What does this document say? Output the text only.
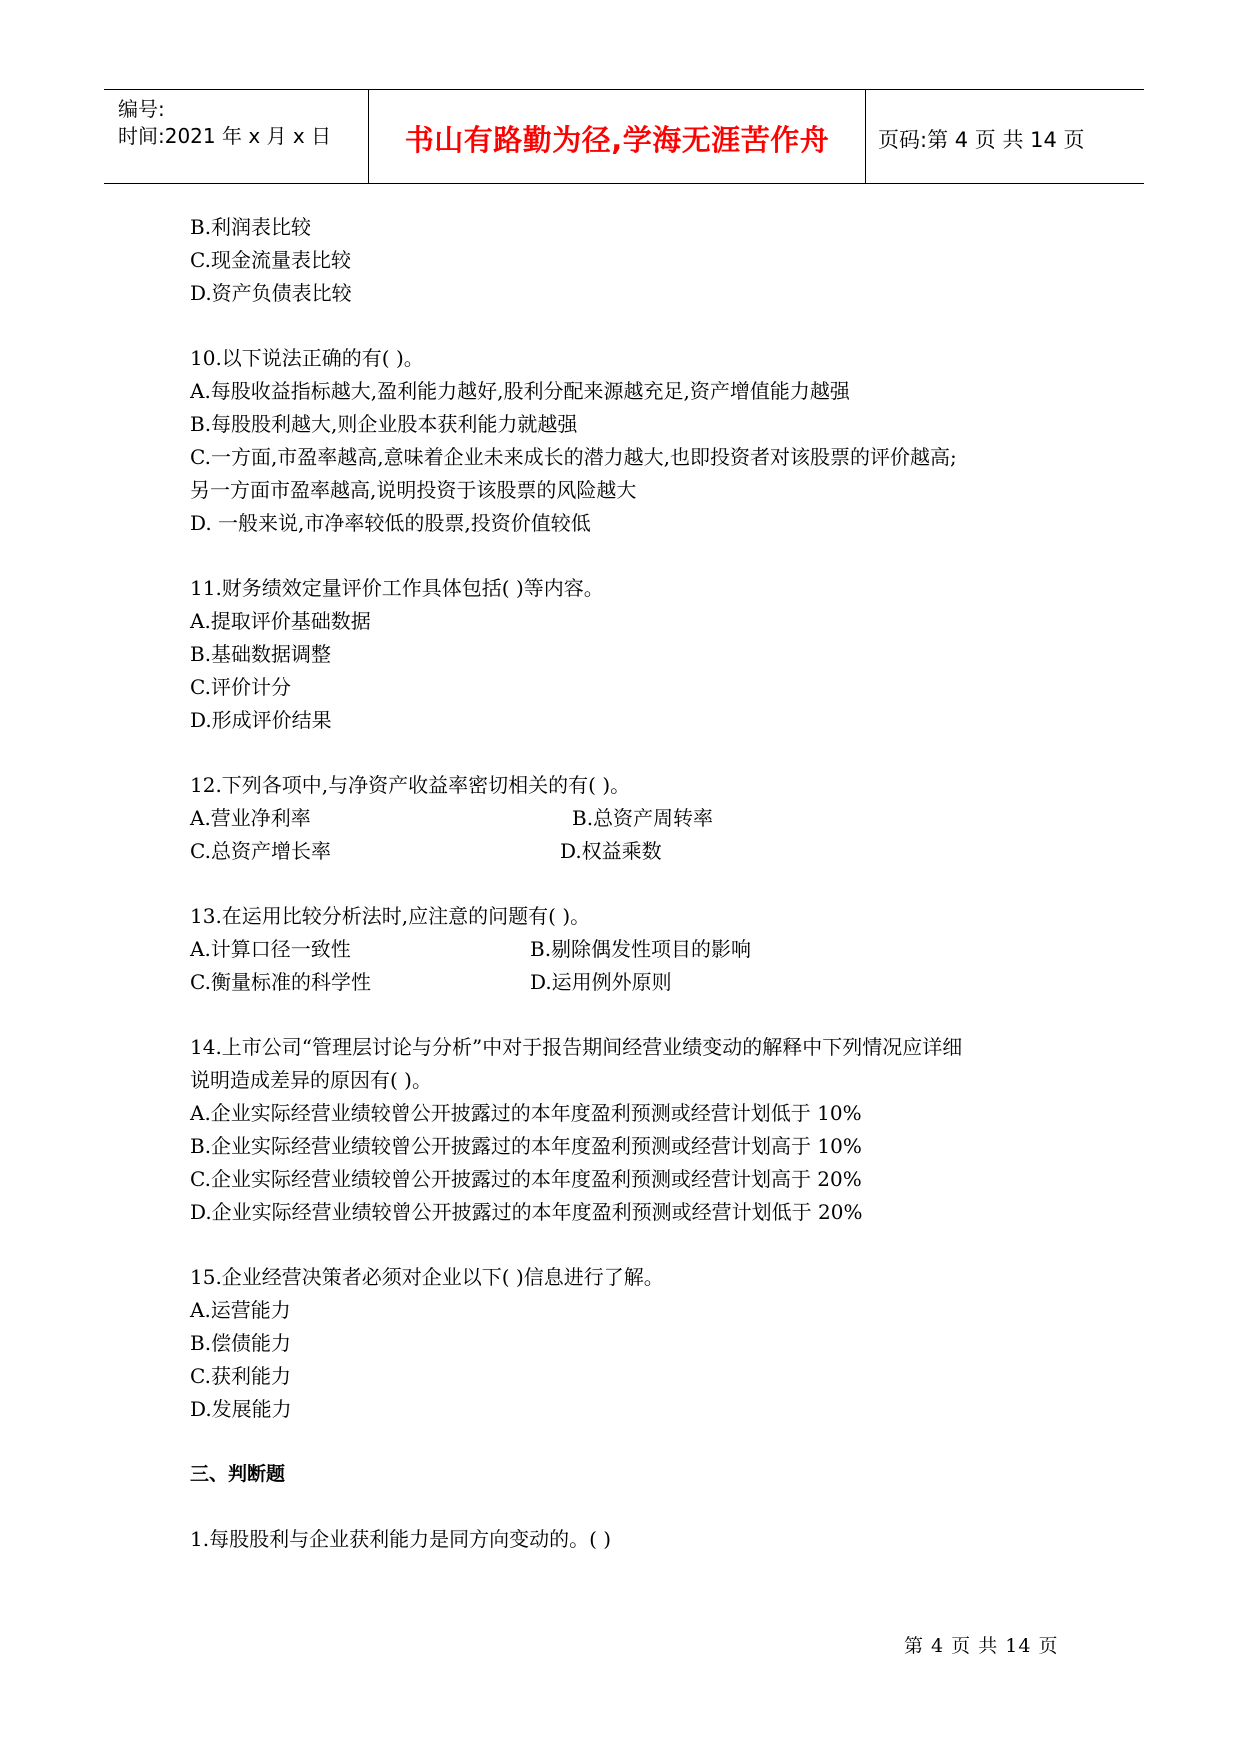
编号:
时间:2021 年 x 月 x 日	书山有路勤为径,学海无涯苦作舟	页码:第 4 页 共 14 页
B.利润表比较
C.现金流量表比较
D.资产负债表比较
10.以下说法正确的有( )。
A.每股收益指标越大,盈利能力越好,股利分配来源越充足,资产增值能力越强
B.每股股利越大,则企业股本获利能力就越强
C.一方面,市盈率越高,意味着企业未来成长的潜力越大,也即投资者对该股票的评价越高;
另一方面市盈率越高,说明投资于该股票的风险越大
D. 一般来说,市净率较低的股票,投资价值较低
11.财务绩效定量评价工作具体包括( )等内容。
A.提取评价基础数据
B.基础数据调整
C.评价计分
D.形成评价结果
12.下列各项中,与净资产收益率密切相关的有( )。
A.营业净利率	B.总资产周转率
C.总资产增长率	D.权益乘数
13.在运用比较分析法时,应注意的问题有( )。
A.计算口径一致性	B.剔除偶发性项目的影响
C.衡量标准的科学性	D.运用例外原则
14.上市公司“管理层讨论与分析”中对于报告期间经营业绩变动的解释中下列情况应详细
说明造成差异的原因有( )。
A.企业实际经营业绩较曾公开披露过的本年度盈利预测或经营计划低于 10%
B.企业实际经营业绩较曾公开披露过的本年度盈利预测或经营计划高于 10%
C.企业实际经营业绩较曾公开披露过的本年度盈利预测或经营计划高于 20%
D.企业实际经营业绩较曾公开披露过的本年度盈利预测或经营计划低于 20%
15.企业经营决策者必须对企业以下( )信息进行了解。
A.运营能力
B.偿债能力
C.获利能力
D.发展能力
三、判断题
1.每股股利与企业获利能力是同方向变动的。( )
第 4 页 共 14 页
